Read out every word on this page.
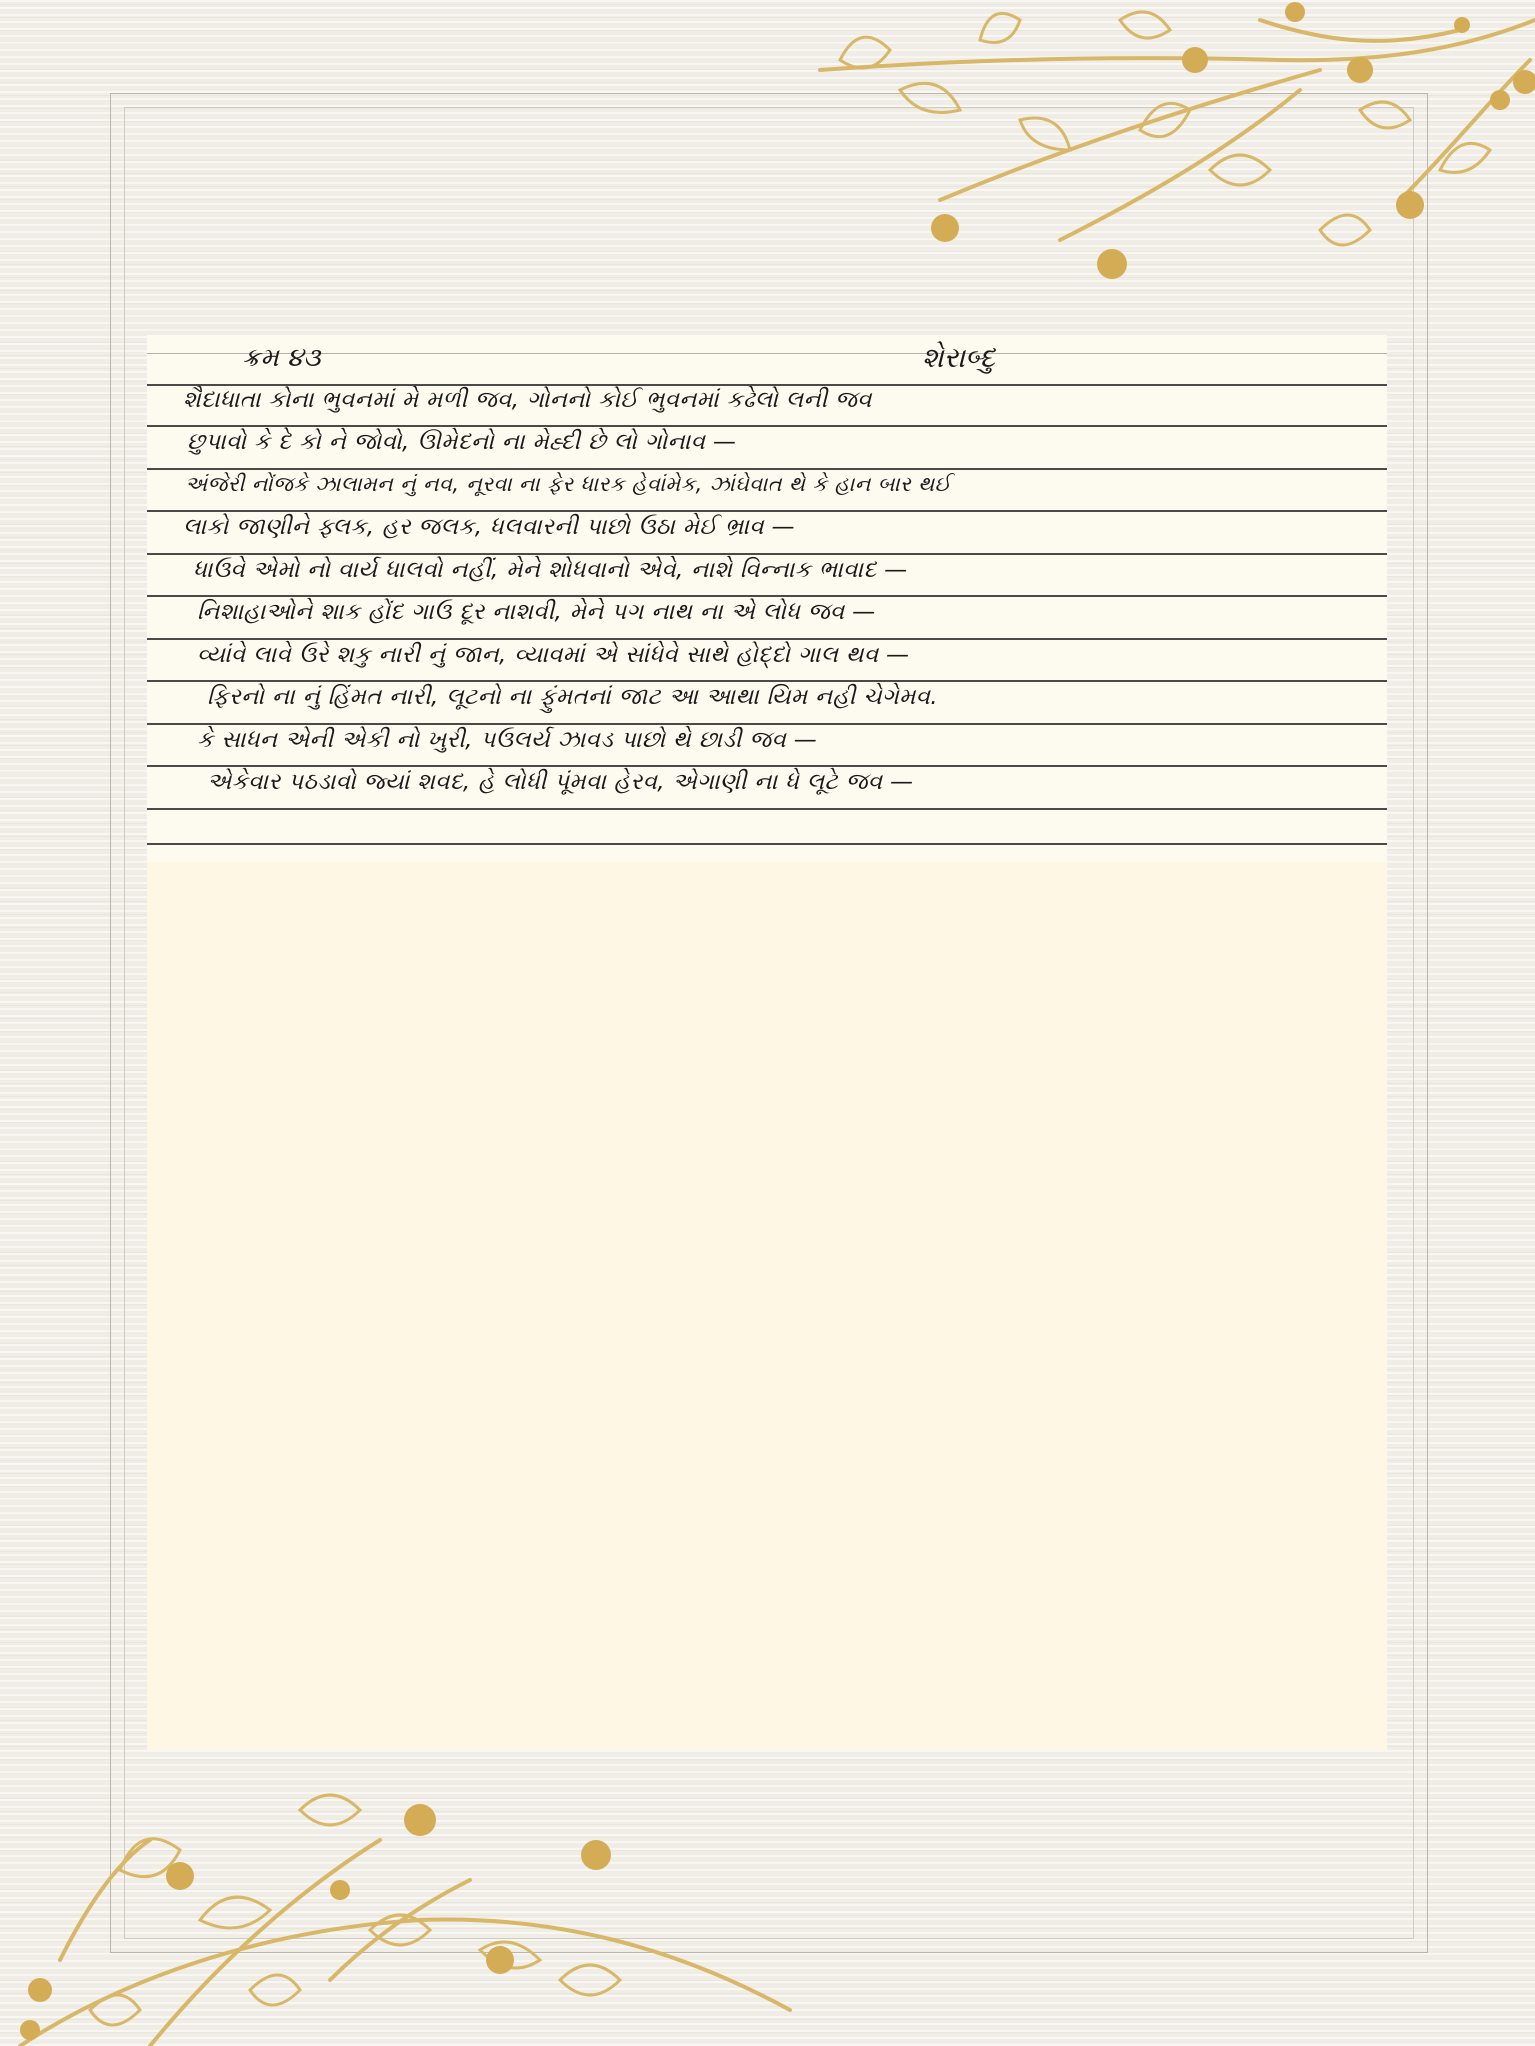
ક્રમ ૪૩	શેરાબ્દુ
શૈદાધાતા કોના ભુવનમાં મે મળી જવ, ગોનનો કોઈ ભુવનમાં કઢેલો લની જવ
છુપાવો કે દે કો ને જોવો, ઊમેદનો ના મેહ્દી છે લો ગોનાવ —
અંજેરી નોંજકે ઝાલામન નું નવ, નૂરવા ના ફેર ધારક હેવાંમેક, ઝાંઘેવાત થે કે હાન બાર થઈ
લાકો જાણીને ફ્લક, હર જલક, ધલવારની પાછો ઉઠા મેઈ ભ્રાવ —
ધાઉવે એમો નો વાર્ય ધાલવો નહીં, મેને શોધવાનો એવે, નાશે વિન્નાક ભાવાદ —
નિશાહાઓને શાક હોંદ ગાઉ દૂર નાશવી, મેને પગ નાથ ના એ લોધ જવ —
વ્યાંવે લાવે ઉરે શકુ નારી નું જાન, વ્યાવમાં એ સાંધેવે સાથે હોદ્દો ગાલ થવ —
ફિરનો ના નું હિંમત નારી, લૂટનો ના ફુંમતનાં જાટ આ આથા યિમ નહી ચેગેમવ.
કે સાધન એની એકી નો ખુરી, પઉલર્ય ઝાવડ પાછો થે છાડી જવ —
એકેવાર પઠડાવો જ્યાં શવદ, હે લોધી પૂંમવા હેરવ, એગાણી ના ધે લૂટે જવ —
